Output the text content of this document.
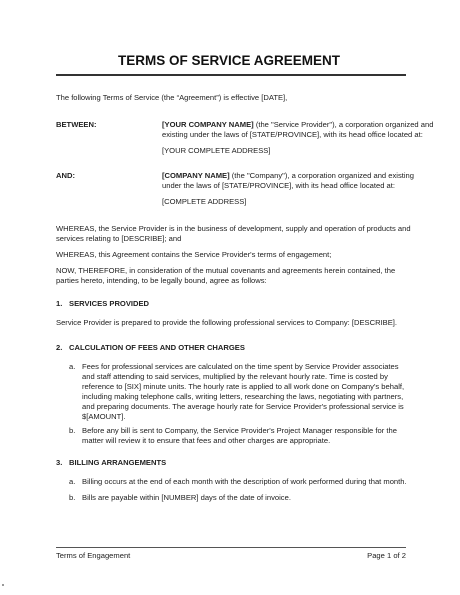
TERMS OF SERVICE AGREEMENT
The following Terms of Service (the “Agreement”) is effective [DATE],
BETWEEN:	[YOUR COMPANY NAME] (the "Service Provider"), a corporation organized and
existing under the laws of [STATE/PROVINCE], with its head office located at:
[YOUR COMPLETE ADDRESS]
AND:	[COMPANY NAME] (the "Company"), a corporation organized and existing
under the laws of [STATE/PROVINCE], with its head office located at:
[COMPLETE ADDRESS]
WHEREAS, the Service Provider is in the business of development, supply and operation of products and
services relating to [DESCRIBE]; and
WHEREAS, this Agreement contains the Service Provider's terms of engagement;
NOW, THEREFORE, in consideration of the mutual covenants and agreements herein contained, the
parties hereto, intending, to be legally bound, agree as follows:
1. SERVICES PROVIDED
Service Provider is prepared to provide the following professional services to Company: [DESCRIBE].
2. CALCULATION OF FEES AND OTHER CHARGES
a. Fees for professional services are calculated on the time spent by Service Provider associates
and staff attending to said services, multiplied by the relevant hourly rate. Time is costed by
reference to [SIX] minute units. The hourly rate is applied to all work done on Company's behalf,
including making telephone calls, writing letters, researching the laws, negotiating with partners,
and preparing documents. The average hourly rate for Service Provider's professional service is
$[AMOUNT].
b. Before any bill is sent to Company, the Service Provider's Project Manager responsible for the
matter will review it to ensure that fees and other charges are appropriate.
3. BILLING ARRANGEMENTS
a. Billing occurs at the end of each month with the description of work performed during that month.
b. Bills are payable within [NUMBER] days of the date of invoice.
Terms of Engagement	Page 1 of 2
